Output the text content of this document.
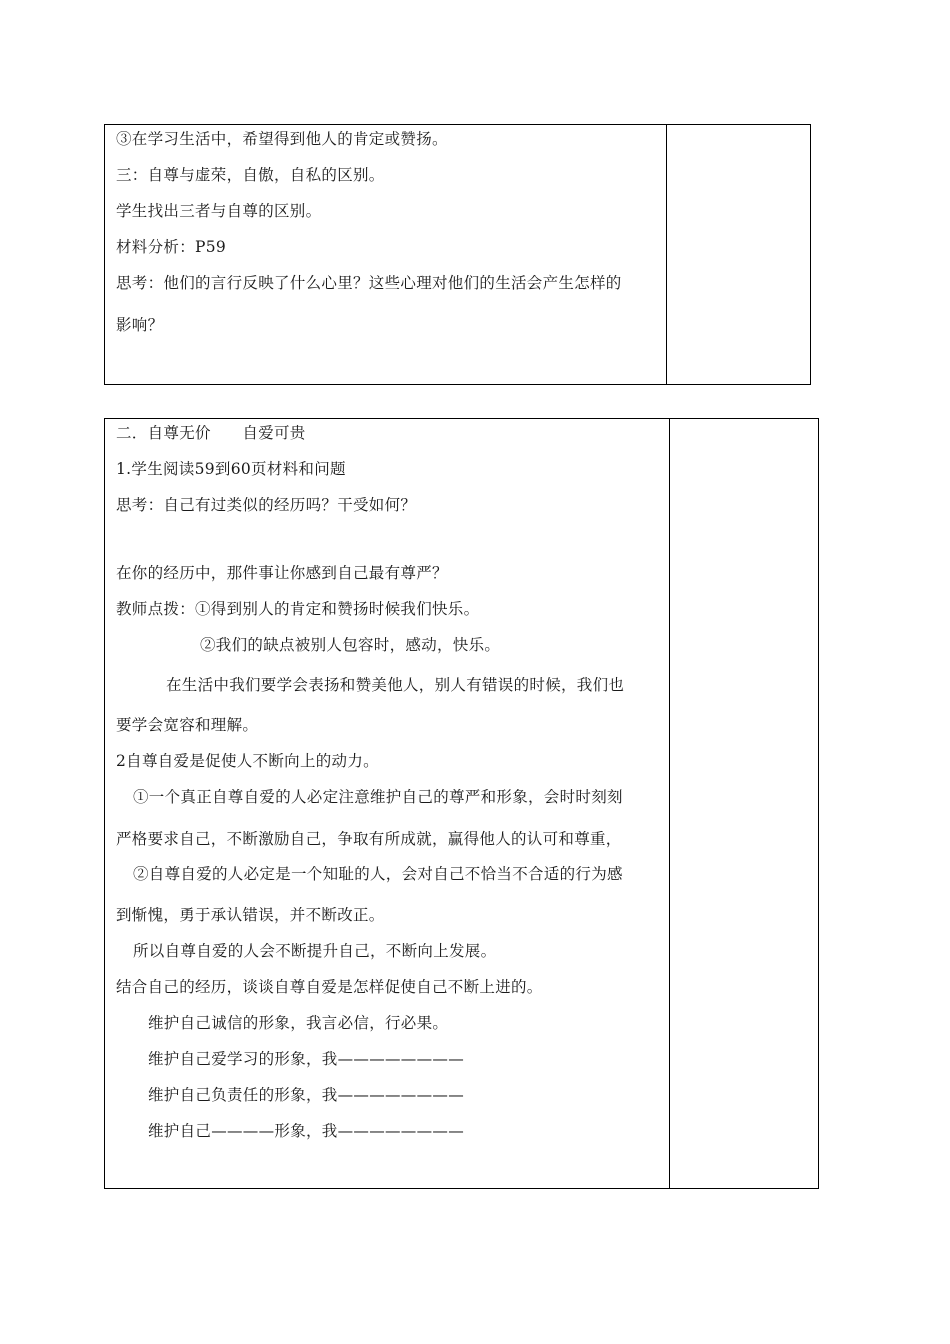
③在学习生活中，希望得到他人的肯定或赞扬。
三：自尊与虚荣，自傲，自私的区别。
学生找出三者与自尊的区别。
材料分析：P59
思考：他们的言行反映了什么心里？这些心理对他们的生活会产生怎样的
影响？
二．自尊无价　　自爱可贵
1.学生阅读59到60页材料和问题
思考：自己有过类似的经历吗？干受如何？
在你的经历中，那件事让你感到自己最有尊严？
教师点拨：①得到别人的肯定和赞扬时候我们快乐。
②我们的缺点被别人包容时，感动，快乐。
在生活中我们要学会表扬和赞美他人，别人有错误的时候，我们也
要学会宽容和理解。
2自尊自爱是促使人不断向上的动力。
①一个真正自尊自爱的人必定注意维护自己的尊严和形象，会时时刻刻
严格要求自己，不断激励自己，争取有所成就，赢得他人的认可和尊重，
②自尊自爱的人必定是一个知耻的人，会对自己不恰当不合适的行为感
到惭愧，勇于承认错误，并不断改正。
所以自尊自爱的人会不断提升自己，不断向上发展。
结合自己的经历，谈谈自尊自爱是怎样促使自己不断上进的。
维护自己诚信的形象，我言必信，行必果。
维护自己爱学习的形象，我————————
维护自己负责任的形象，我————————
维护自己————形象，我————————
